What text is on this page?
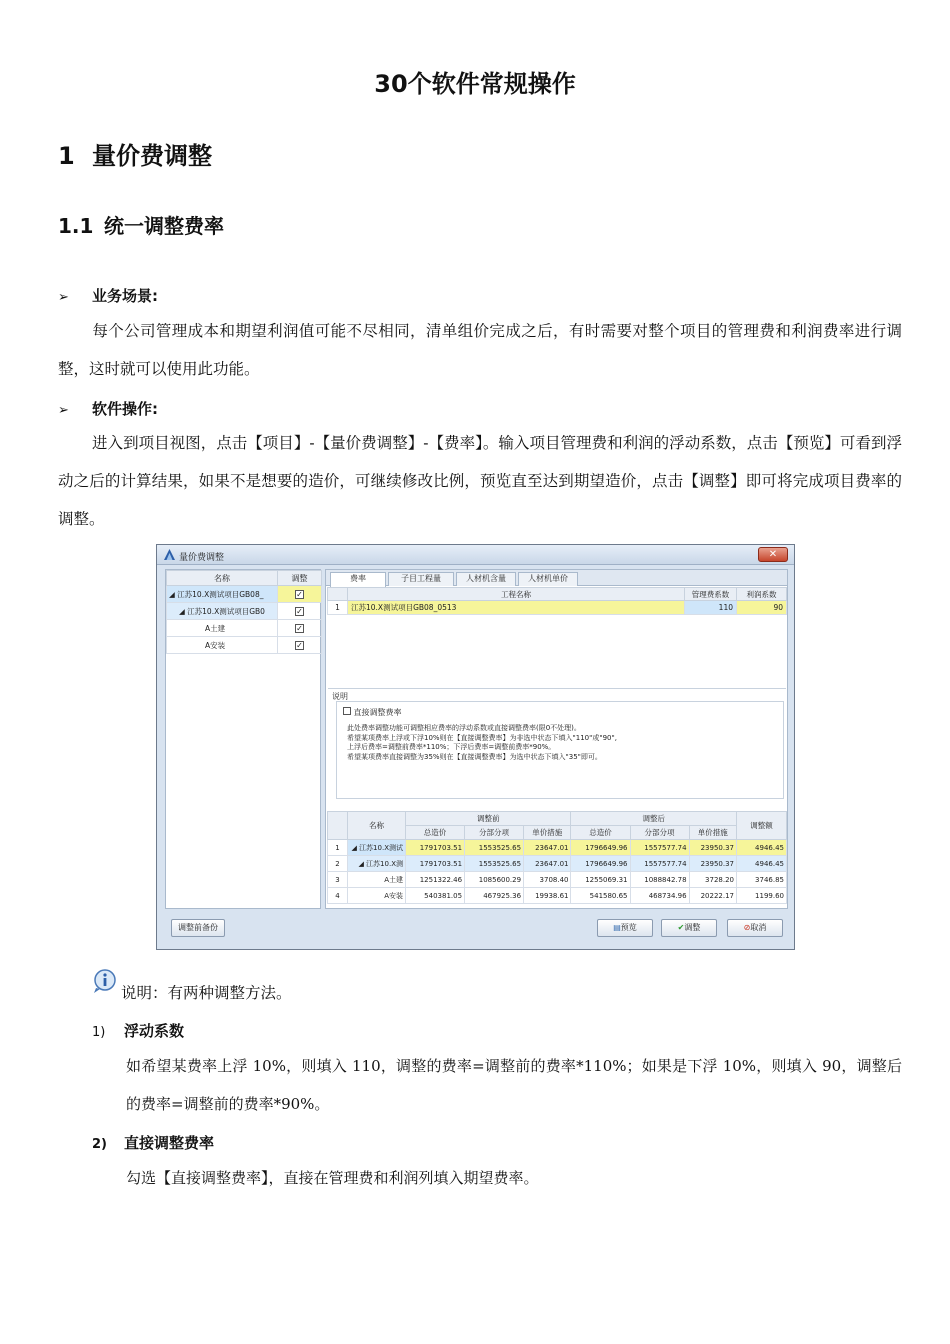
30个软件常规操作
1 量价费调整
1.1 统一调整费率
➢ 业务场景:
每个公司管理成本和期望利润值可能不尽相同，清单组价完成之后，有时需要对整个项目的管理费和利润费率进行调整，这时就可以使用此功能。
➢ 软件操作:
进入到项目视图，点击【项目】-【量价费调整】-【费率】。输入项目管理费和利润的浮动系数，点击【预览】可看到浮动之后的计算结果，如果不是想要的造价，可继续修改比例，预览直至达到期望造价，点击【调整】即可将完成项目费率的调整。
量价费调整	✕
名称	调整
◢ 江苏10.X测试项目GB08_	✓
◢ 江苏10.X测试项目GB0	✓
A土建	✓
A安装	✓
费率	子目工程量	人材机含量	人材机单价
	工程名称	管理费系数	利润系数
1	江苏10.X测试项目GB08_0513	110	90
说明
直接调整费率
此处费率调整功能可调整相应费率的浮动系数或直接调整费率(限0不处理)。
希望某项费率上浮或下浮10%则在【直接调整费率】为非选中状态下填入"110"或"90",
上浮后费率=调整前费率*110%；下浮后费率=调整前费率*90%。
希望某项费率直接调整为35%则在【直接调整费率】为选中状态下填入"35"即可。
	名称	调整前			调整后			调整额
		总造价	分部分项	单价措施	总造价	分部分项	单价措施	
1	◢ 江苏10.X测试	1791703.51	1553525.65	23647.01	1796649.96	1557577.74	23950.37	4946.45
2	◢ 江苏10.X测	1791703.51	1553525.65	23647.01	1796649.96	1557577.74	23950.37	4946.45
3	A土建	1251322.46	1085600.29	3708.40	1255069.31	1088842.78	3728.20	3746.85
4	A安装	540381.05	467925.36	19938.61	541580.65	468734.96	20222.17	1199.60
调整前备份	▤预览	✔调整	⊘取消
说明：有两种调整方法。
1) 浮动系数
如希望某费率上浮 10%，则填入 110，调整的费率=调整前的费率*110%；如果是下浮 10%，则填入 90，调整后的费率=调整前的费率*90%。
2) 直接调整费率
勾选【直接调整费率】，直接在管理费和利润列填入期望费率。
